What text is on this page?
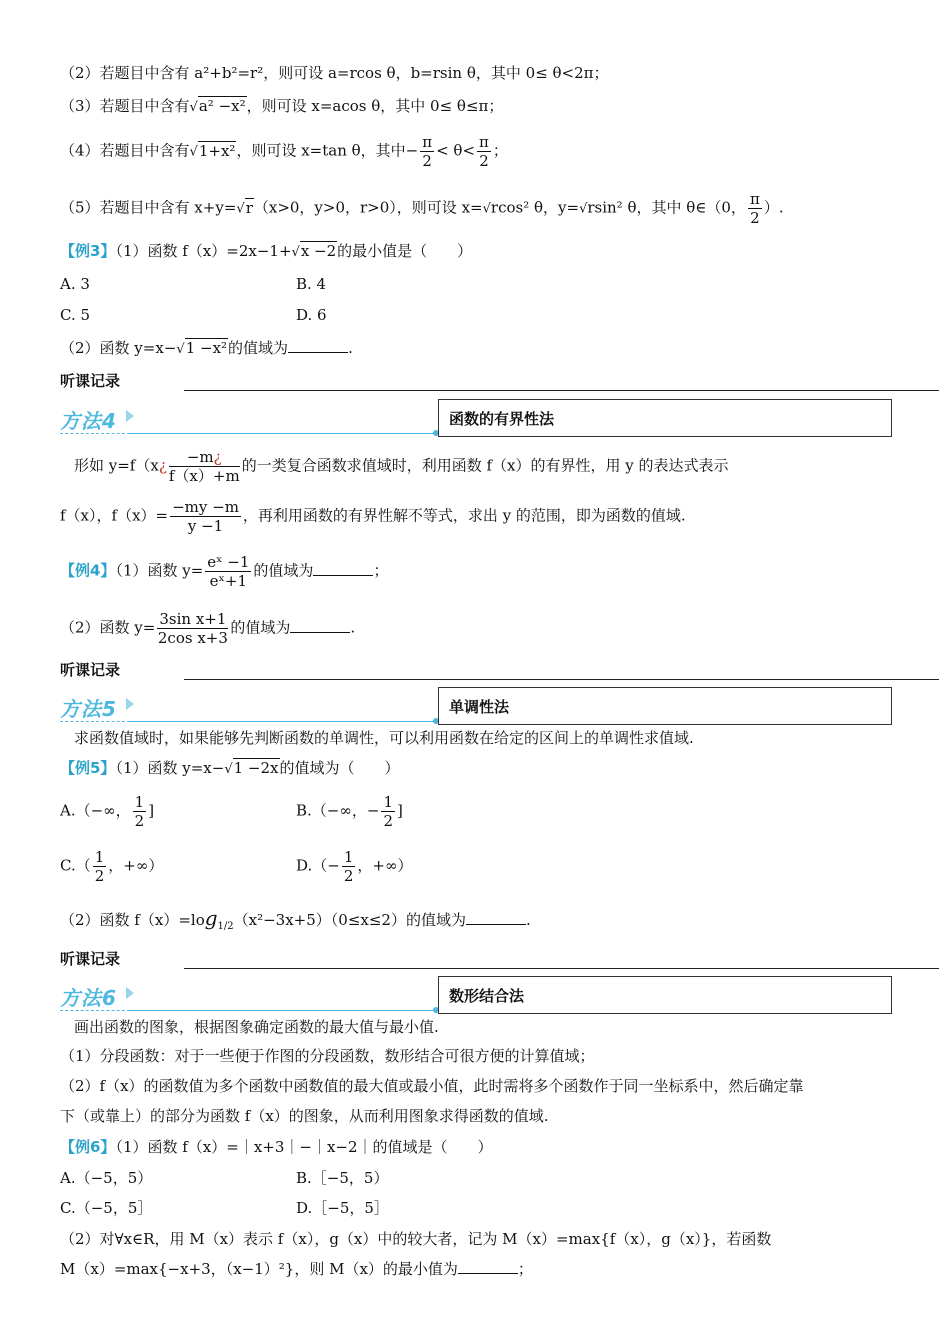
（2）若题目中含有 a²+b²=r²，则可设 a=rcos θ，b=rsin θ，其中 0≤ θ<2π；
（3）若题目中含有√a² −x²，则可设 x=acos θ，其中 0≤ θ≤π；
（4）若题目中含有√1+x²，则可设 x=tan θ，其中− $\frac{\pi}{2} < \theta< \frac{\pi}{2}$ ；
（5）若题目中含有 x+y=√r（x>0，y>0，r>0），则可设 x=√rcos² θ，y=√rsin² θ，其中 θ∈（0， $\frac{\pi}{2}$ ）.
【例3】（1）函数 f（x）=2x−1+√x −2的最小值是（　　）
A. 3	B. 4
C. 5	D. 6
（2）函数 y=x−√1 −x²的值域为	.
听课记录
方法4	函数的有界性法
形如 y=f（x¿ $\frac{-m¿}{f(x)+m}$ 的一类复合函数求值域时，利用函数 f（x）的有界性，用 y 的表达式表示
f（x），$f(x)= \frac{-my -m}{y -1}$ ，再利用函数的有界性解不等式，求出 y 的范围，即为函数的值域.
【例4】（1）函数 $y= \frac{\text{eˣ −1}}{\text{eˣ+1}}$ 的值域为	；
（2）函数 $y= \frac{\text{3sin x+1}}{\text{2cos x+3}}$ 的值域为	.
听课记录
方法5	单调性法
求函数值域时，如果能够先判断函数的单调性，可以利用函数在给定的区间上的单调性求值域.
【例5】（1）函数 y=x−√1 −2x的值域为（　　）
A.（−∞， $\frac{1}{2}$ ]	B.（−∞，− $\frac{1}{2}$ ]
$C.( \frac{1}{2}$ ，+∞）	$D.(- \frac{1}{2}$ ，+∞）
（2）函数 $f(x)=\log_{1/2}(x^2-3x+5)(0\le x\le 2)$的值域为	.
听课记录
方法6	数形结合法
画出函数的图象，根据图象确定函数的最大值与最小值.
（1）分段函数：对于一些便于作图的分段函数，数形结合可很方便的计算值域；
（2）f（x）的函数值为多个函数中函数值的最大值或最小值，此时需将多个函数作于同一坐标系中，然后确定靠
下（或靠上）的部分为函数 f（x）的图象，从而利用图象求得函数的值域.
【例6】（1）函数 f（x）=｜x+3｜−｜x−2｜的值域是（　　）
A.（−5，5）	B.［−5，5）
C.（−5，5］	D.［−5，5］
（2）对∀x∈R，用 M（x）表示 f（x），g（x）中的较大者，记为 M（x）=max{f（x），g（x）}，若函数
M（x）=max{−x+3，（x−1）²}，则 M（x）的最小值为	；
